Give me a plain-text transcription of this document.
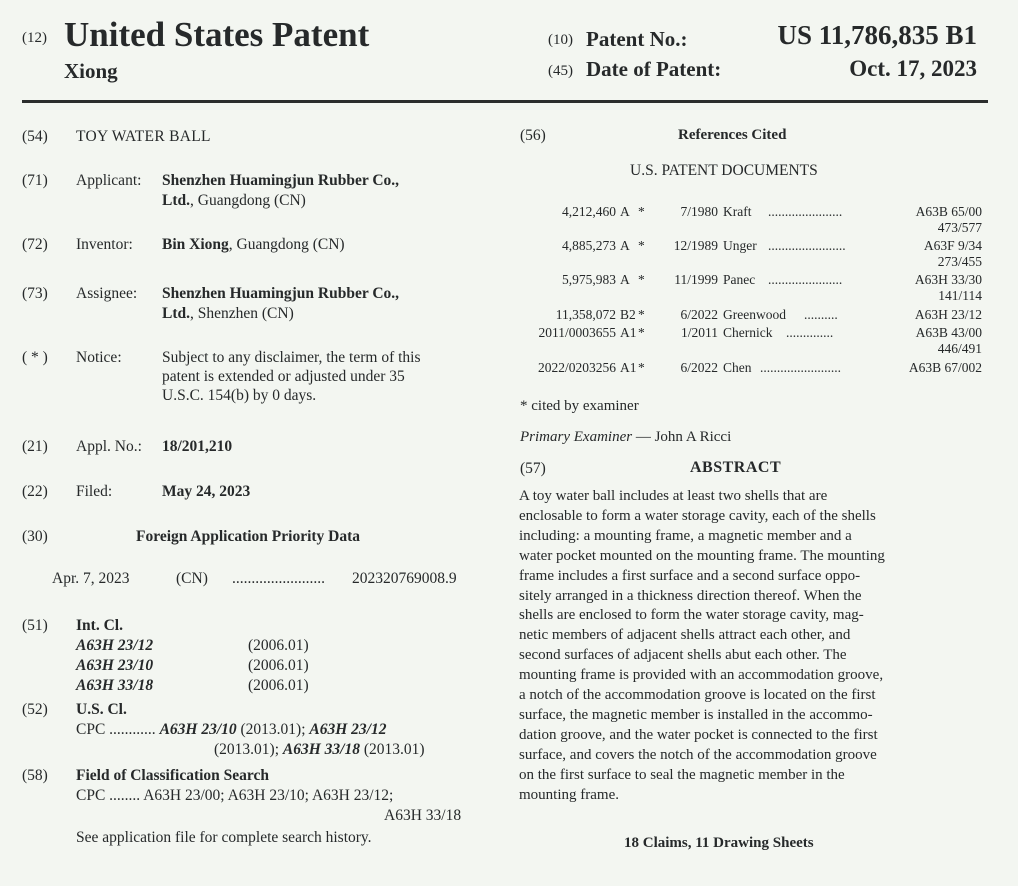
(12) United States Patent
Xiong
(10) Patent No.:	US 11,786,835 B1
(45) Date of Patent:	Oct. 17, 2023
(54) TOY WATER BALL
(71) Applicant: Shenzhen Huamingjun Rubber Co.,
Ltd., Guangdong (CN)
(72) Inventor: Bin Xiong, Guangdong (CN)
(73) Assignee: Shenzhen Huamingjun Rubber Co.,
Ltd., Shenzhen (CN)
( * ) Notice:	Subject to any disclaimer, the term of this
patent is extended or adjusted under 35
U.S.C. 154(b) by 0 days.
(21) Appl. No.: 18/201,210
(22) Filed:	May 24, 2023
(30)	Foreign Application Priority Data
Apr. 7, 2023	(CN) ........................ 202320769008.9
(51) Int. Cl.
A63H 23/12	(2006.01)
A63H 23/10	(2006.01)
A63H 33/18	(2006.01)
(52) U.S. Cl.
CPC ............ A63H 23/10 (2013.01); A63H 23/12
(2013.01); A63H 33/18 (2013.01)
(58) Field of Classification Search
CPC ........ A63H 23/00; A63H 23/10; A63H 23/12;
A63H 33/18
See application file for complete search history.
(56)	References Cited
U.S. PATENT DOCUMENTS
4,212,460 A *	7/1980 Kraft ......................	A63B 65/00
473/577
4,885,273 A * 12/1989 Unger .......................	A63F 9/34
273/455
5,975,983 A * 11/1999 Panec ......................	A63H 33/30
141/114
11,358,072 B2 *	6/2022 Greenwood ..........	A63H 23/12
2011/0003655 A1 *	1/2011 Chernick ..............	A63B 43/00
446/491
2022/0203256 A1 *	6/2022 Chen ........................	A63B 67/002
* cited by examiner
Primary Examiner — John A Ricci
(57)	ABSTRACT
A toy water ball includes at least two shells that are
enclosable to form a water storage cavity, each of the shells
including: a mounting frame, a magnetic member and a
water pocket mounted on the mounting frame. The mounting
frame includes a first surface and a second surface oppo-
sitely arranged in a thickness direction thereof. When the
shells are enclosed to form the water storage cavity, mag-
netic members of adjacent shells attract each other, and
second surfaces of adjacent shells abut each other. The
mounting frame is provided with an accommodation groove,
a notch of the accommodation groove is located on the first
surface, the magnetic member is installed in the accommo-
dation groove, and the water pocket is connected to the first
surface, and covers the notch of the accommodation groove
on the first surface to seal the magnetic member in the
mounting frame.
18 Claims, 11 Drawing Sheets
